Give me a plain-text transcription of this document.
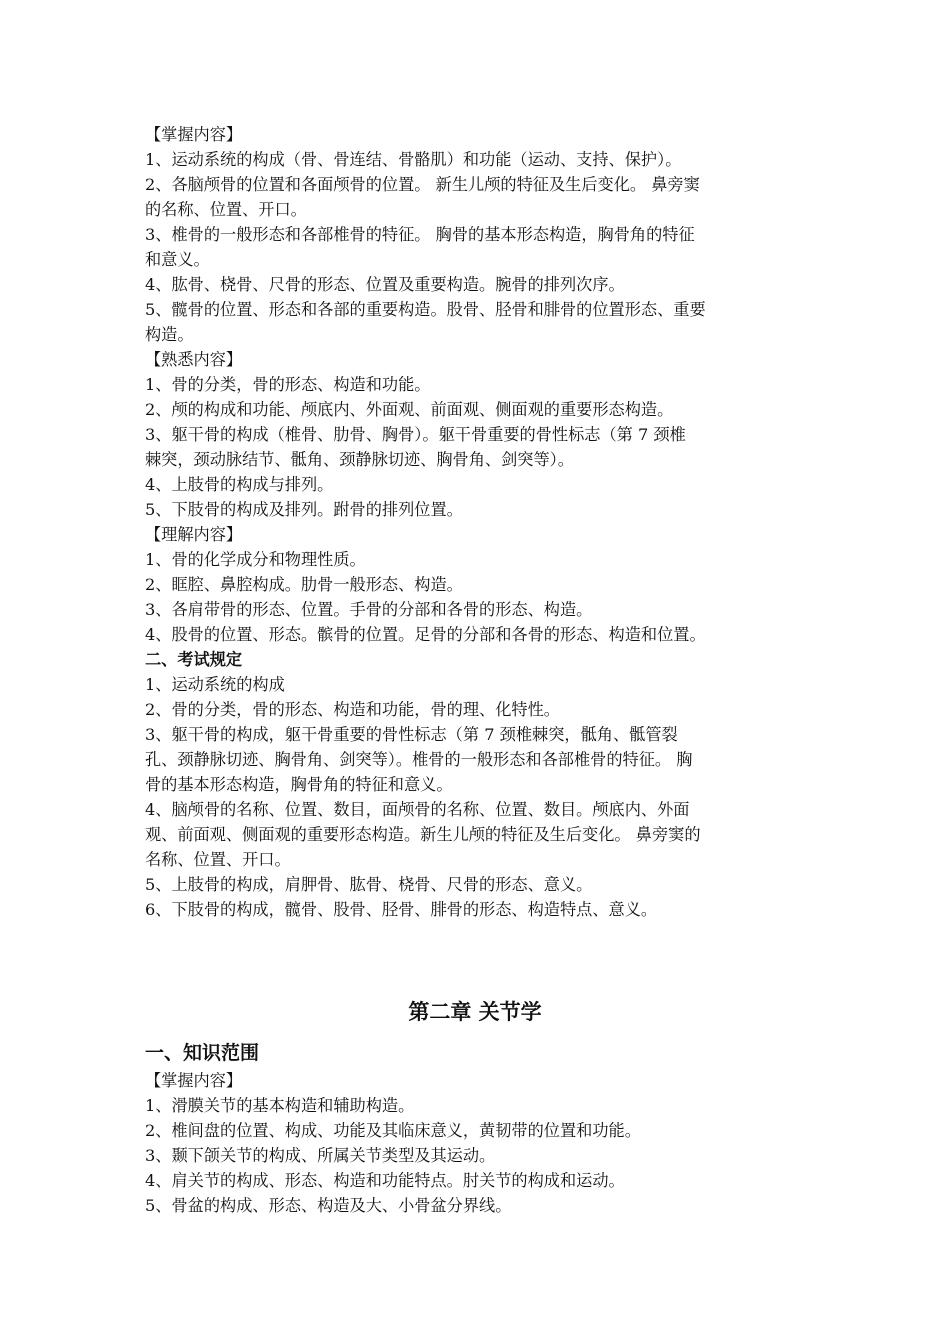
【掌握内容】
1、运动系统的构成（骨、骨连结、骨骼肌）和功能（运动、支持、保护）。
2、各脑颅骨的位置和各面颅骨的位置。 新生儿颅的特征及生后变化。 鼻旁窦
的名称、位置、开口。
3、椎骨的一般形态和各部椎骨的特征。 胸骨的基本形态构造，胸骨角的特征
和意义。
4、肱骨、桡骨、尺骨的形态、位置及重要构造。腕骨的排列次序。
5、髋骨的位置、形态和各部的重要构造。股骨、胫骨和腓骨的位置形态、重要
构造。
【熟悉内容】
1、骨的分类，骨的形态、构造和功能。
2、颅的构成和功能、颅底内、外面观、前面观、侧面观的重要形态构造。
3、躯干骨的构成（椎骨、肋骨、胸骨）。躯干骨重要的骨性标志（第 7 颈椎
棘突，颈动脉结节、骶角、颈静脉切迹、胸骨角、剑突等）。
4、上肢骨的构成与排列。
5、下肢骨的构成及排列。跗骨的排列位置。
【理解内容】
1、骨的化学成分和物理性质。
2、眶腔、鼻腔构成。肋骨一般形态、构造。
3、各肩带骨的形态、位置。手骨的分部和各骨的形态、构造。
4、股骨的位置、形态。髌骨的位置。足骨的分部和各骨的形态、构造和位置。
二、考试规定
1、运动系统的构成
2、骨的分类，骨的形态、构造和功能，骨的理、化特性。
3、躯干骨的构成，躯干骨重要的骨性标志（第 7 颈椎棘突，骶角、骶管裂
孔、颈静脉切迹、胸骨角、剑突等）。椎骨的一般形态和各部椎骨的特征。 胸
骨的基本形态构造，胸骨角的特征和意义。
4、脑颅骨的名称、位置、数目，面颅骨的名称、位置、数目。颅底内、外面
观、前面观、侧面观的重要形态构造。新生儿颅的特征及生后变化。 鼻旁窦的
名称、位置、开口。
5、上肢骨的构成，肩胛骨、肱骨、桡骨、尺骨的形态、意义。
6、下肢骨的构成，髋骨、股骨、胫骨、腓骨的形态、构造特点、意义。
第二章 关节学
一、知识范围
【掌握内容】
1、滑膜关节的基本构造和辅助构造。
2、椎间盘的位置、构成、功能及其临床意义，黄韧带的位置和功能。
3、颞下颌关节的构成、所属关节类型及其运动。
4、肩关节的构成、形态、构造和功能特点。肘关节的构成和运动。
5、骨盆的构成、形态、构造及大、小骨盆分界线。
